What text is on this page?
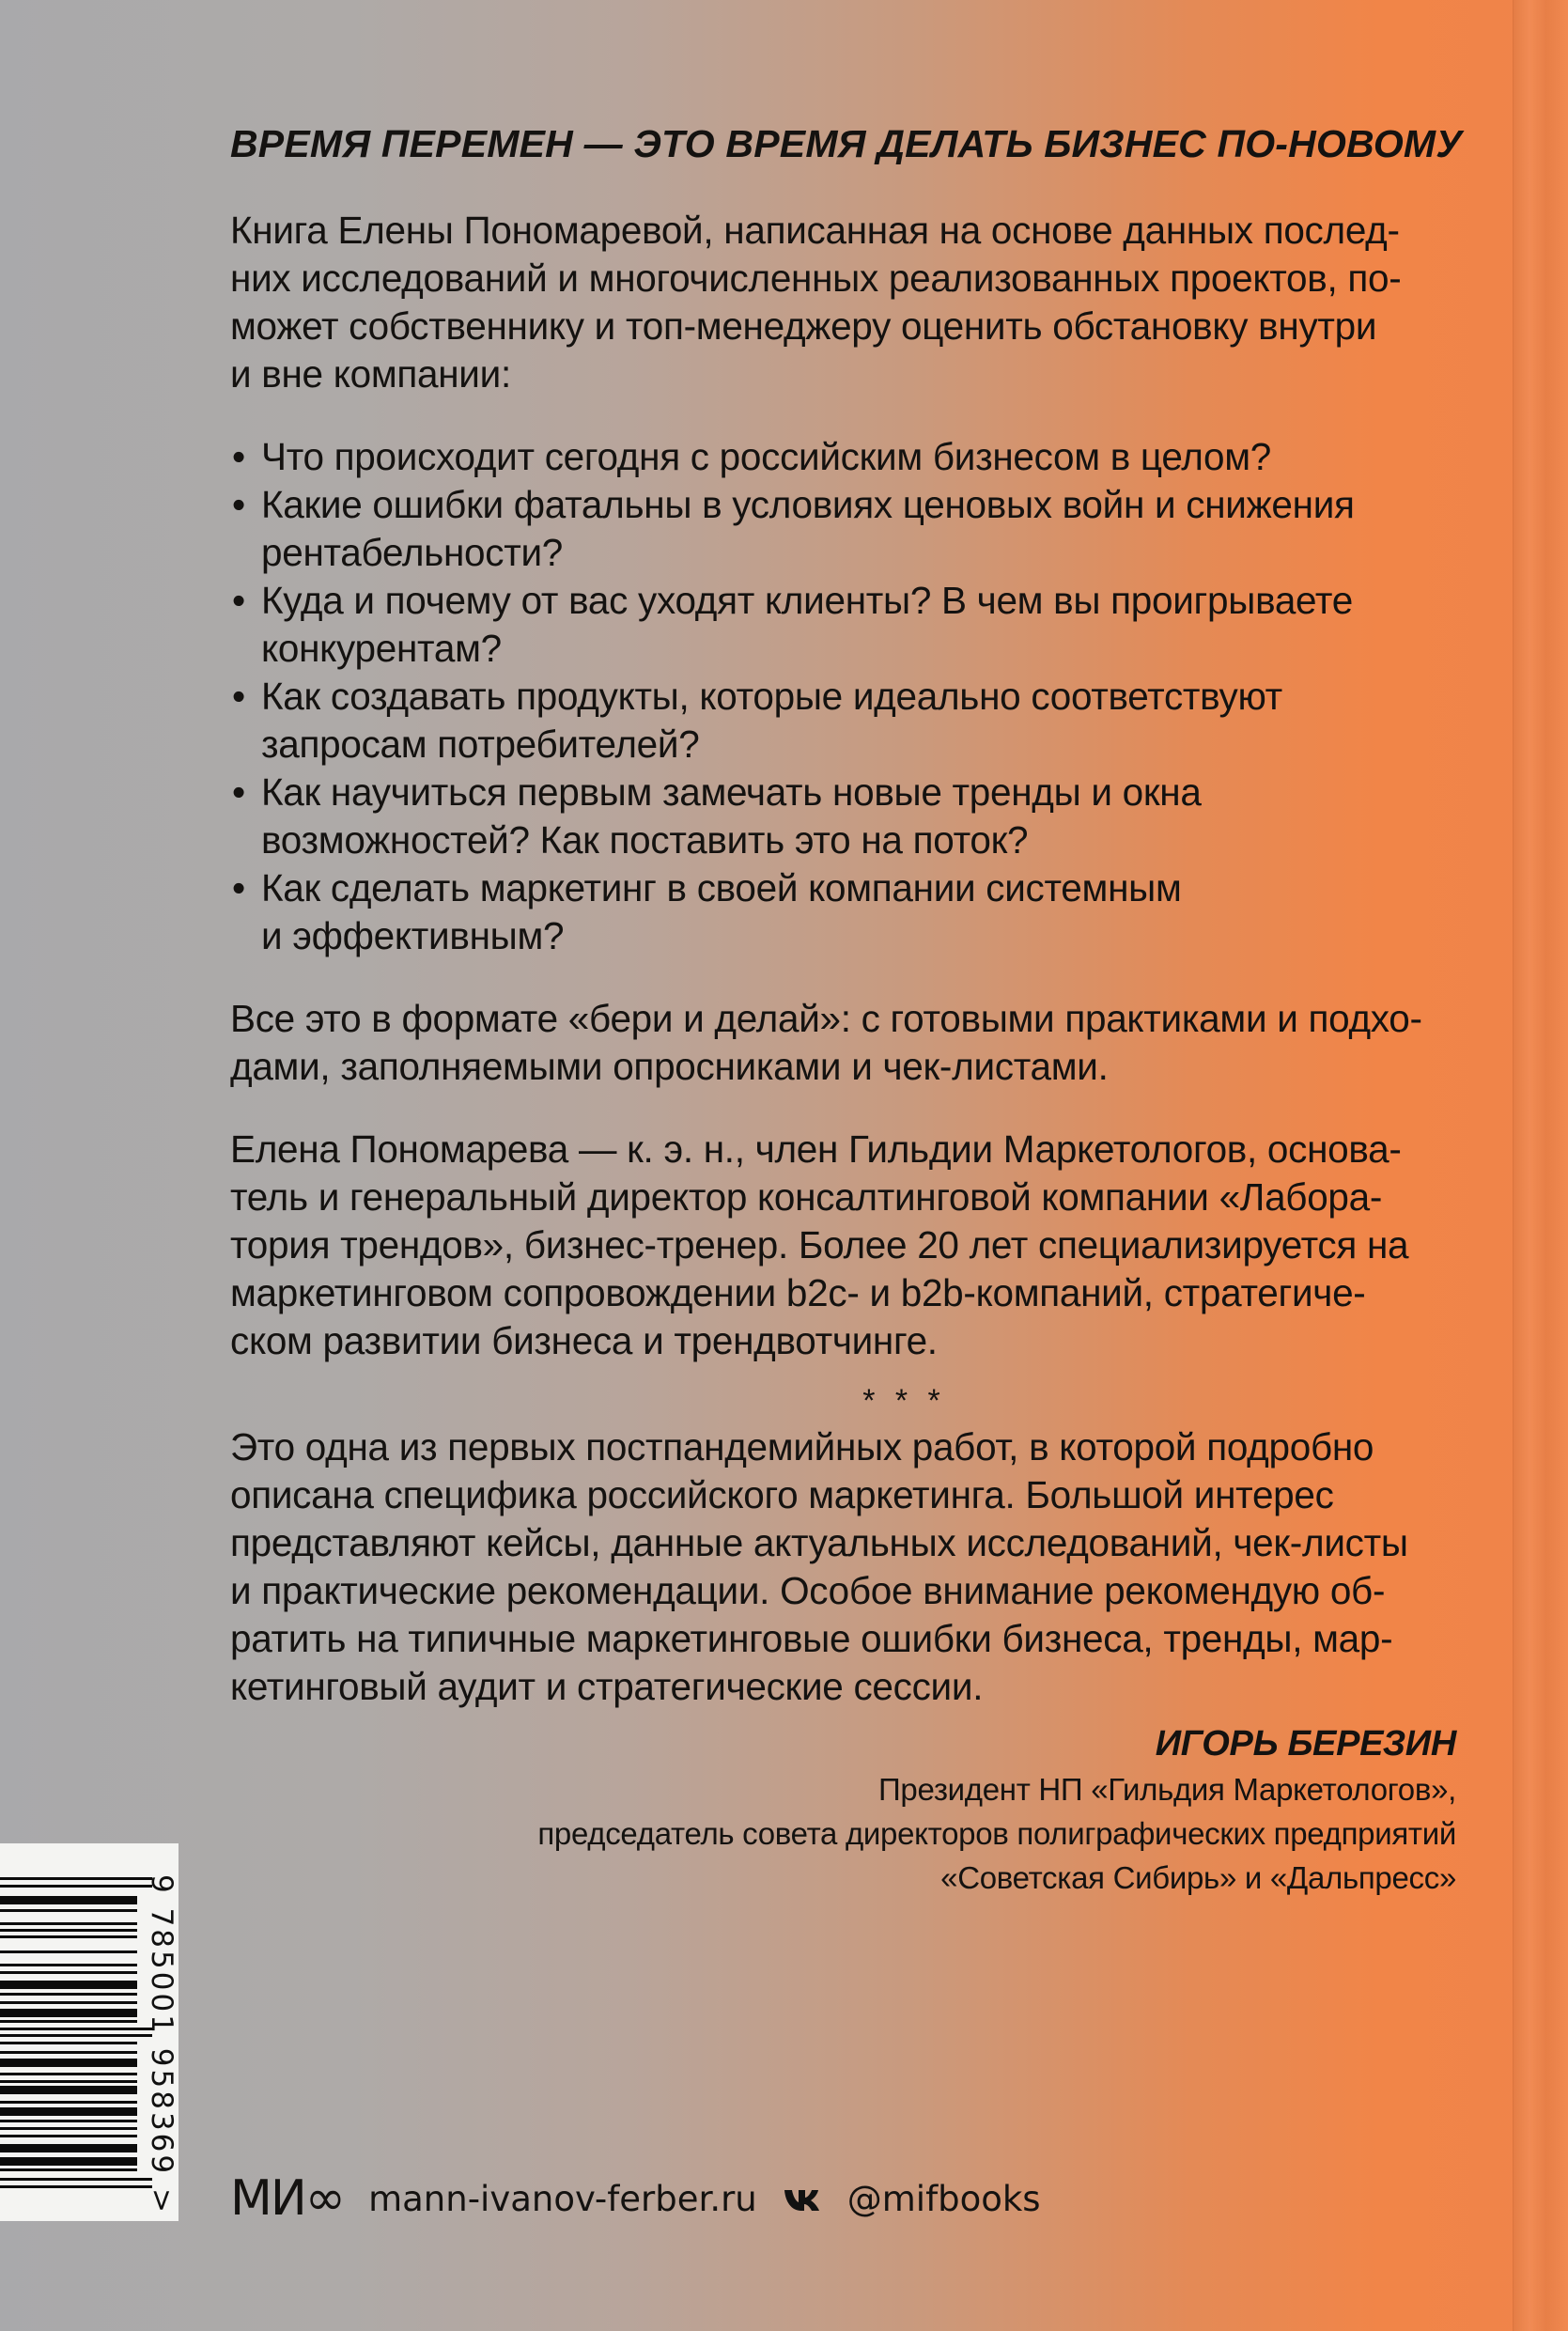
ВРЕМЯ ПЕРЕМЕН — ЭТО ВРЕМЯ ДЕЛАТЬ БИЗНЕС ПО-НОВОМУ

Книга Елены Пономаревой, написанная на основе данных послед-
них исследований и многочисленных реализованных проектов, по-
может собственнику и топ-менеджеру оценить обстановку внутри
и вне компании:

• Что происходит сегодня с российским бизнесом в целом?
• Какие ошибки фатальны в условиях ценовых войн и снижения
рентабельности?
• Куда и почему от вас уходят клиенты? В чем вы проигрываете
конкурентам?
• Как создавать продукты, которые идеально соответствуют
запросам потребителей?
• Как научиться первым замечать новые тренды и окна
возможностей? Как поставить это на поток?
• Как сделать маркетинг в своей компании системным
и эффективным?

Все это в формате «бери и делай»: с готовыми практиками и подхо-
дами, заполняемыми опросниками и чек-листами.

Елена Пономарева — к. э. н., член Гильдии Маркетологов, основа-
тель и генеральный директор консалтинговой компании «Лабора-
тория трендов», бизнес-тренер. Более 20 лет специализируется на
маркетинговом сопровождении b2c- и b2b-компаний, стратегиче-
ском развитии бизнеса и трендвотчинге.

* * *

Это одна из первых постпандемийных работ, в которой подробно
описана специфика российского маркетинга. Большой интерес
представляют кейсы, данные актуальных исследований, чек-листы
и практические рекомендации. Особое внимание рекомендую об-
ратить на типичные маркетинговые ошибки бизнеса, тренды, мар-
кетинговый аудит и стратегические сессии.

ИГОРЬ БЕРЕЗИН
Президент НП «Гильдия Маркетологов»,
председатель совета директоров полиграфических предприятий
«Советская Сибирь» и «Дальпресс»
9 785001 958369 > МИ∞ mann-ivanov-ferber.ru	@mifbooks
